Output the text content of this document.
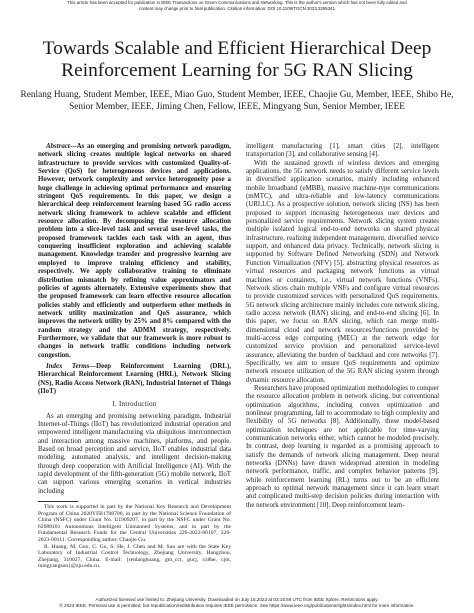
This article has been accepted for publication in IEEE Transactions on Green Communications and Networking. This is the author's version which has not been fully edited and
content may change prior to final publication. Citation information: DOI 10.1109/TGCN.2023.3295341
Towards Scalable and Efficient Hierarchical Deep Reinforcement Learning for 5G RAN Slicing

Renlang Huang, Student Member, IEEE, Miao Guo, Student Member, IEEE, Chaojie Gu, Member, IEEE, Shibo He, Senior Member, IEEE, Jiming Chen, Fellow, IEEE, Mingyang Sun, Senior Member, IEEE

Abstract—As an emerging and promising network paradigm, network slicing creates multiple logical networks on shared infrastructure to provide services with customized Quality-of-Service (QoS) for heterogeneous devices and applications. However, network complexity and service heterogeneity pose a huge challenge in achieving optimal performance and ensuring stringent QoS requirements. In this paper, we design a hierarchical deep reinforcement learning based 5G radio access network slicing framework to achieve scalable and efficient resource allocation. By decomposing the resource allocation problem into a slice-level task and several user-level tasks, the proposed framework tackles each task with an agent, thus conquering insufficient exploration and achieving scalable management. Knowledge transfer and progressive learning are employed to improve training efficiency and stability, respectively. We apply collaborative training to eliminate distribution mismatch by refining value approximators and policies of agents alternately. Extensive experiments show that the proposed framework can learn effective resource allocation policies stably and efficiently and outperform other methods in network utility maximization and QoS assurance, which improves the network utility by 25% and 8% compared with the random strategy and the ADMM strategy, respectively. Furthermore, we validate that our framework is more robust to changes in network traffic conditions including network congestion.

Index Terms—Deep Reinforcement Learning (DRL), Hierarchical Reinforcement Learning (HRL), Network Slicing (NS), Radio Access Network (RAN), Industrial Internet of Things (IIoT)

I. Introduction

As an emerging and promising networking paradigm, Industrial Internet-of-Things (IIoT) has revolutionized industrial operation and empowered intelligent manufacturing via ubiquitous interconnection and interaction among massive machines, platforms, and people. Based on broad perception and service, IIoT enables industrial data modeling, automated analysis, and intelligent decision-making through deep cooperation with Artificial Intelligence (AI). With the rapid development of the fifth-generation (5G) mobile network, IIoT can support various emerging scenarios in vertical industries including

This work is supported in part by the National Key Research and Development Program of China 2020YFB1708700, in part by the National Science Foundation of China (NSFC) under Grant No. U1909207, in part by the NSFC under Grant No. 62088101 Autonomous Intelligent Unmanned Systems, and in part by the Fundamental Research Funds for the Central Universities 226-2022-00107, 226-2023-00111. Corresponding author: Chaojie Gu.

R. Huang, M. Guo, C. Gu, S. He, J. Chen and M. Sun are with the State Key Laboratory of Industrial Control Technology, Zhejiang University, Hangzhou, Zhejiang, 310027, China. E-mail: {renlanghuang, gm_cct, gucj, s18he, cjm, mingyangsun}@zju.edu.cn.

intelligent manufacturing [1], smart cities [2], intelligent transportation [3], and collaborative sensing [4].

With the sustained growth of wireless devices and emerging applications, the 5G network needs to satisfy different service levels in diversified application scenarios, mainly including enhanced mobile broadband (eMBB), massive machine-type communications (mMTC), and ultra-reliable and low-latency communications (URLLC). As a prospective solution, network slicing (NS) has been proposed to support increasing heterogeneous user devices and personalized service requirements. Network slicing system creates multiple isolated logical end-to-end networks on shared physical infrastructure, realizing independent management, diversified service support, and enhanced data privacy. Technically, network slicing is supported by Software Defined Networking (SDN) and Network Function Virtualization (NFV) [5], abstracting physical resources as virtual resources and packaging network functions as virtual machines or containers, i.e., virtual network functions (VNFs). Network slices chain multiple VNFs and configure virtual resources to provide customized services with personalized QoS requirements. 5G network slicing architecture mainly includes core network slicing, radio access network (RAN) slicing, and end-to-end slicing [6]. In this paper, we focus on RAN slicing, which can merge multi-dimensional cloud and network resources/functions provided by multi-access edge computing (MEC) at the network edge for customized service provision and personalized service-level assurance, alleviating the burden of backhaul and core networks [7]. Specifically, we aim to ensure QoS requirements and optimize network resource utilization of the 5G RAN slicing system through dynamic resource allocation.

Researchers have proposed optimization methodologies to conquer the resource allocation problem in network slicing, but conventional optimization algorithms, including convex optimization and nonlinear programming, fail to accommodate to high complexity and flexibility of 5G networks [8]. Additionally, these model-based optimization techniques are not applicable for time-varying communication networks either, which cannot be modeled precisely. In contrast, deep learning is regarded as a promising approach to satisfy the demands of network slicing management. Deep neural networks (DNNs) have drawn widespread attention in modeling network performance, traffic, and complex behavior patterns [9], while reinforcement learning (RL) turns out to be an efficient approach to optimal network management since it can learn smart and complicated multi-step decision policies during interaction with the network environment [10]. Deep reinforcement learn-

Authorized licensed use limited to: Zhejiang University. Downloaded on July 15,2023 at 03:15:56 UTC from IEEE Xplore. Restrictions apply.
© 2023 IEEE. Personal use is permitted, but republication/redistribution requires IEEE permission. See https://www.ieee.org/publications/rights/index.html for more information.
